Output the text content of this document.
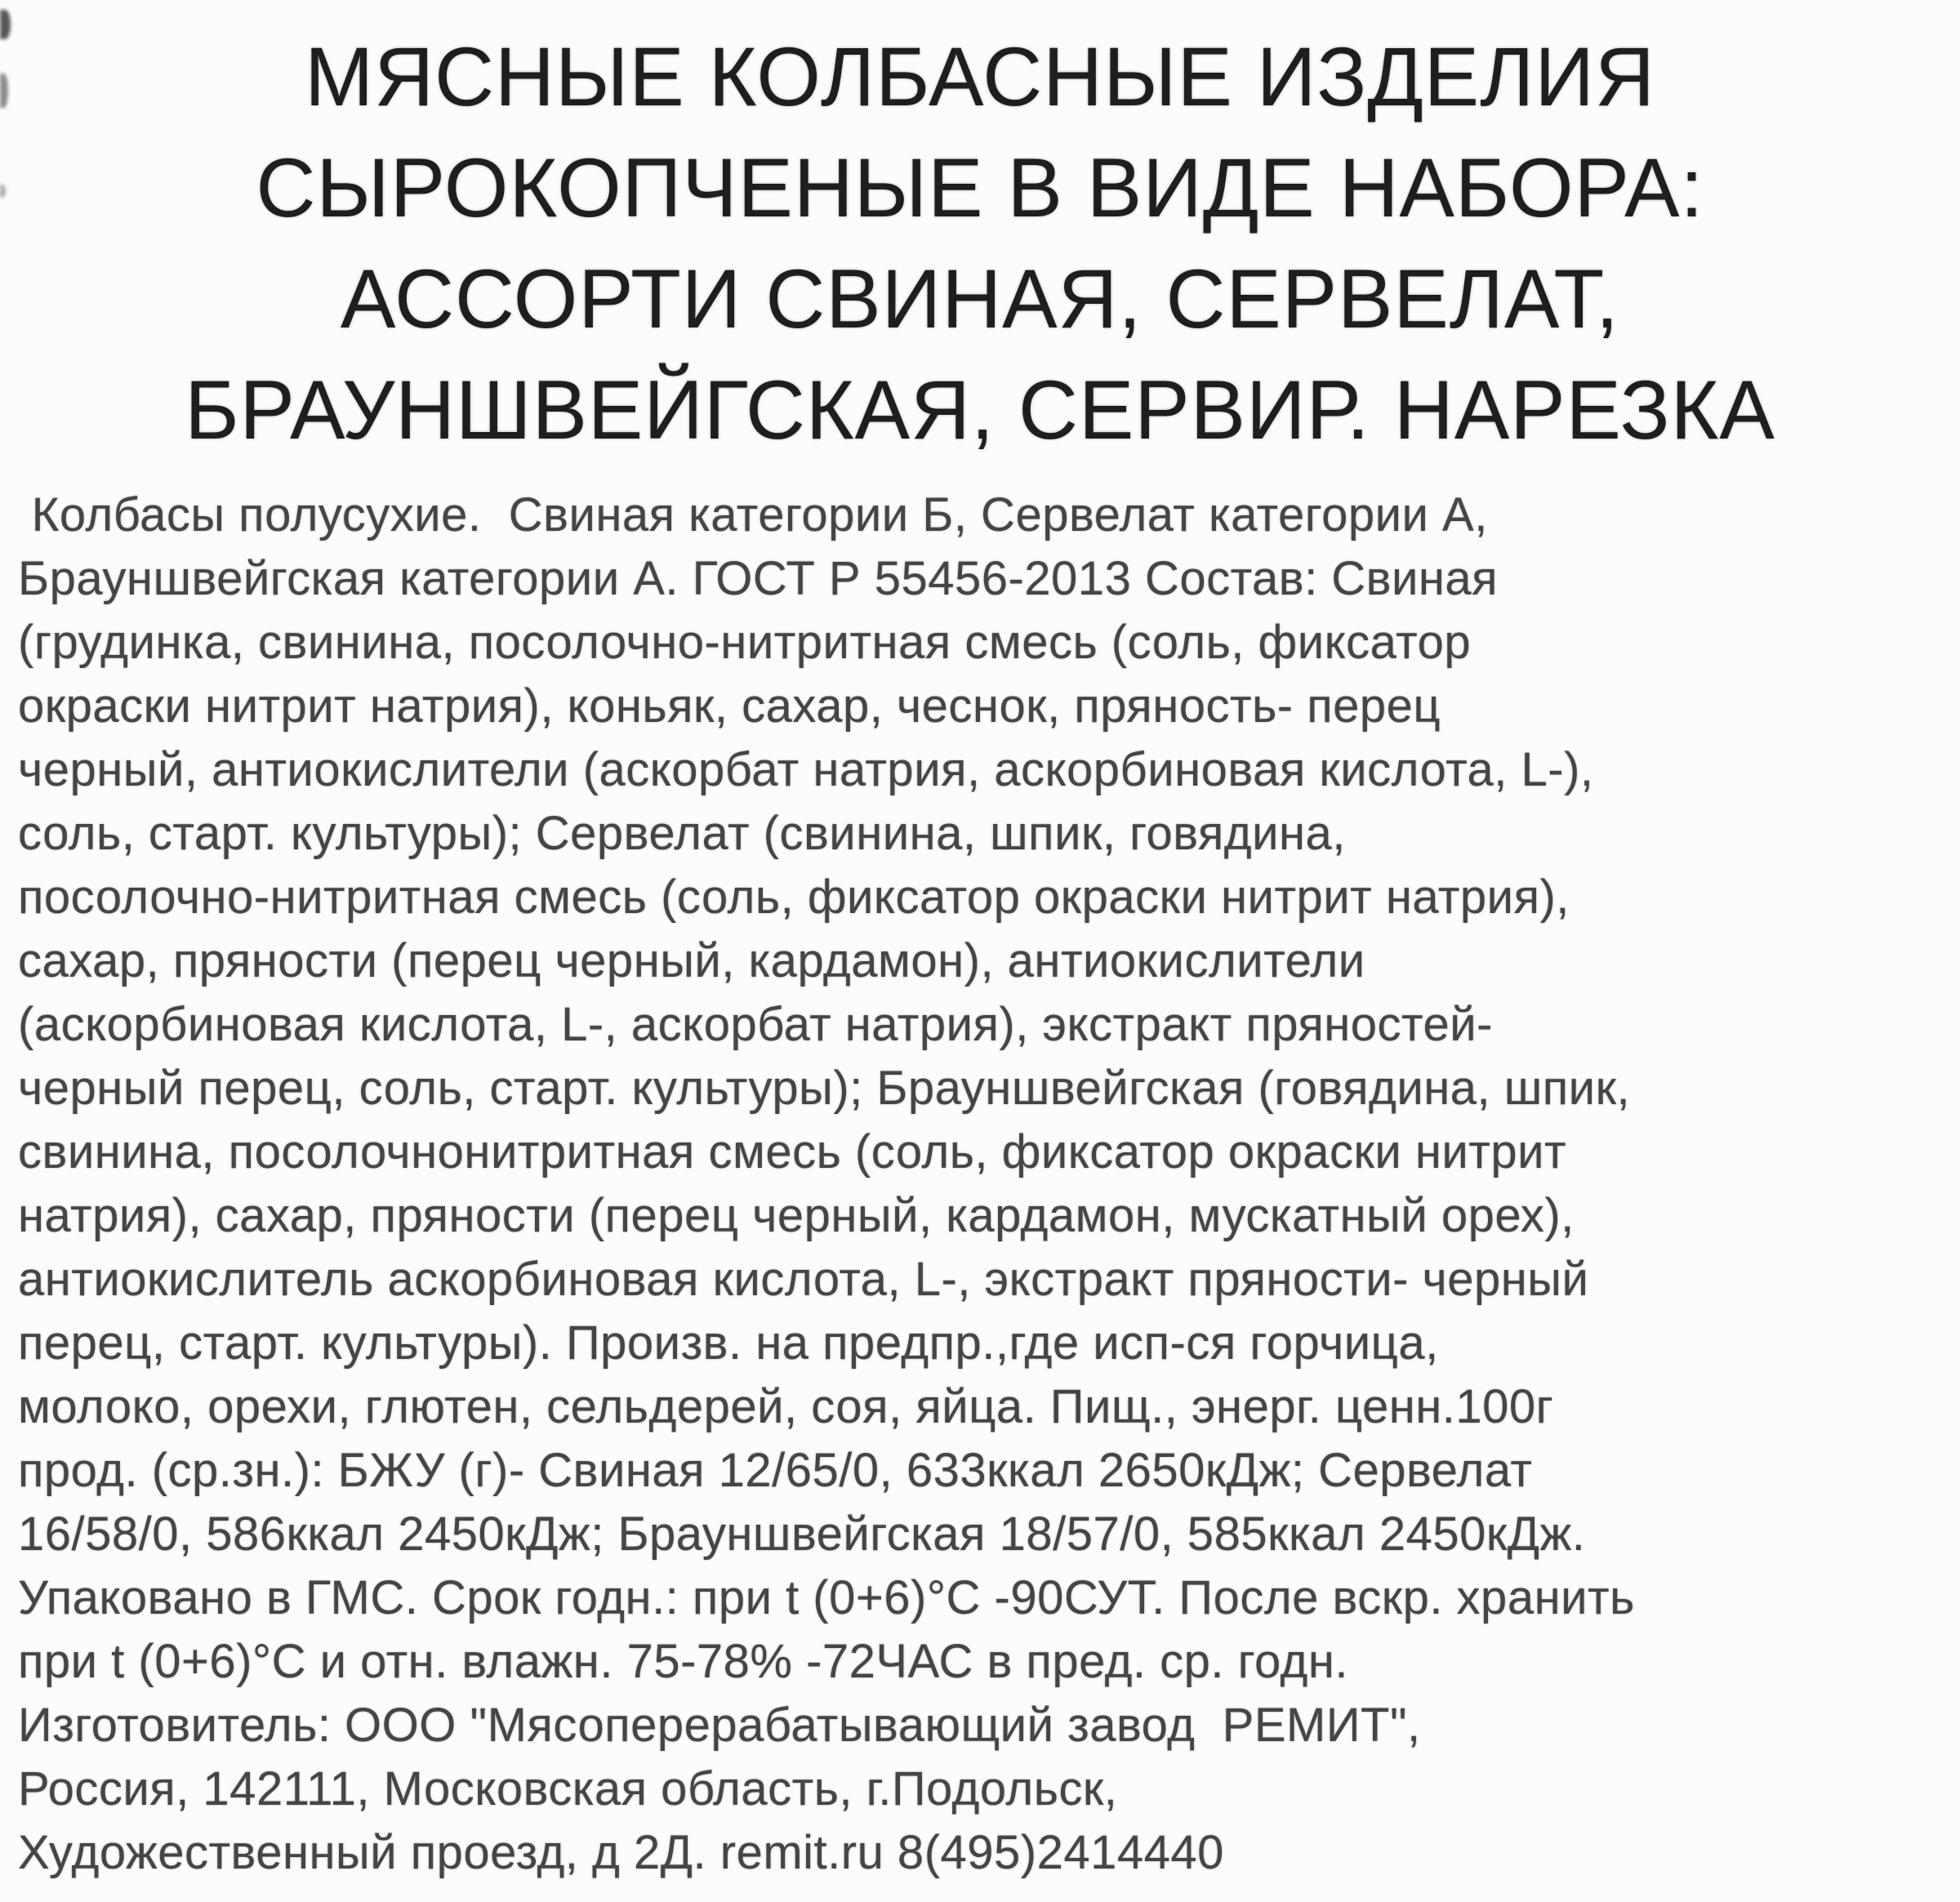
МЯСНЫЕ КОЛБАСНЫЕ ИЗДЕЛИЯ
СЫРОКОПЧЕНЫЕ В ВИДЕ НАБОРА:
АССОРТИ СВИНАЯ, СЕРВЕЛАТ,
БРАУНШВЕЙГСКАЯ, СЕРВИР. НАРЕЗКА
Колбасы полусухие.  Свиная категории Б, Сервелат категории А,
Брауншвейгская категории А. ГОСТ Р 55456-2013 Состав: Свиная
(грудинка, свинина, посолочно-нитритная смесь (соль, фиксатор
окраски нитрит натрия), коньяк, сахар, чеснок, пряность- перец
черный, антиокислители (аскорбат натрия, аскорбиновая кислота, L-),
соль, старт. культуры); Сервелат (свинина, шпик, говядина,
посолочно-нитритная смесь (соль, фиксатор окраски нитрит натрия),
сахар, пряности (перец черный, кардамон), антиокислители
(аскорбиновая кислота, L-, аскорбат натрия), экстракт пряностей-
черный перец, соль, старт. культуры); Брауншвейгская (говядина, шпик,
свинина, посолочнонитритная смесь (соль, фиксатор окраски нитрит
натрия), сахар, пряности (перец черный, кардамон, мускатный орех),
антиокислитель аскорбиновая кислота, L-, экстракт пряности- черный
перец, старт. культуры). Произв. на предпр.,где исп-ся горчица,
молоко, орехи, глютен, сельдерей, соя, яйца. Пищ., энерг. ценн.100г
прод. (ср.зн.): БЖУ (г)- Свиная 12/65/0, 633ккал 2650кДж; Сервелат
16/58/0, 586ккал 2450кДж; Брауншвейгская 18/57/0, 585ккал 2450кДж.
Упаковано в ГМС. Срок годн.: при t (0+6)°С -90СУТ. После вскр. хранить
при t (0+6)°С и отн. влажн. 75-78% -72ЧАС в пред. ср. годн.
Изготовитель: ООО "Мясоперерабатывающий завод  РЕМИТ",
Россия, 142111, Московская область, г.Подольск,
Художественный проезд, д 2Д. remit.ru 8(495)2414440
